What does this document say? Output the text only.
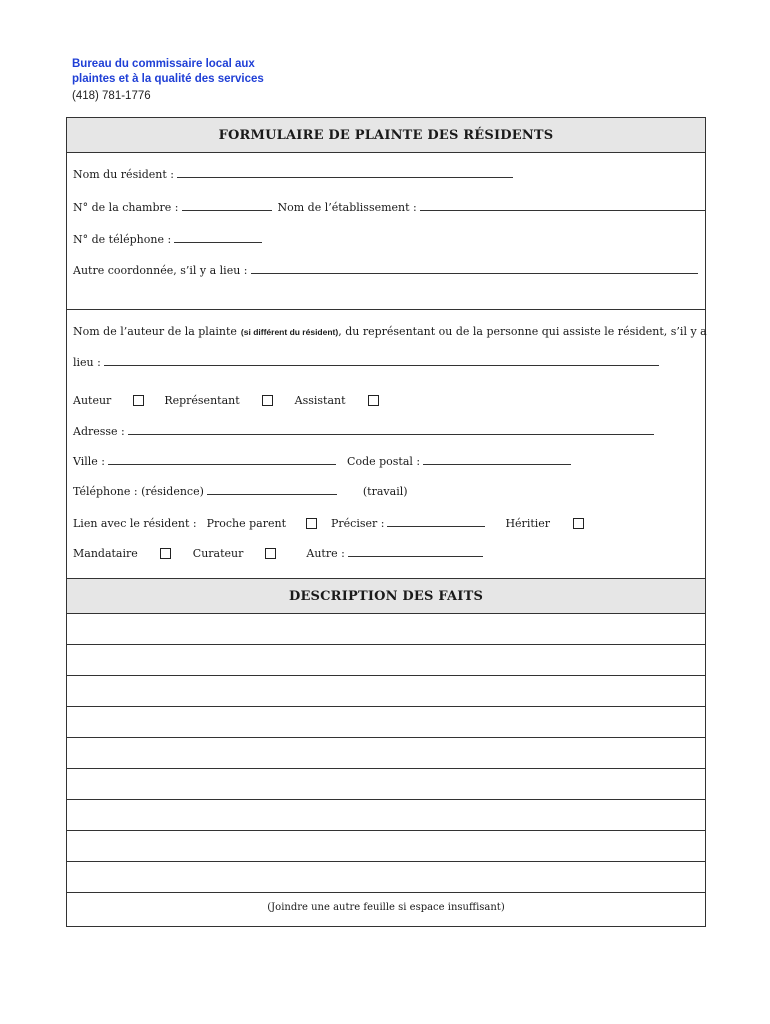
Bureau du commissaire local aux
plaintes et à la qualité des services
(418) 781-1776
FORMULAIRE DE PLAINTE DES RÉSIDENTS
Nom du résident :
N° de la chambre :	Nom de l’établissement :
N° de téléphone :
Autre coordonnée, s’il y a lieu :
Nom de l’auteur de la plainte (si différent du résident) , du représentant ou de la personne qui assiste le résident, s’il y a
lieu :
Auteur	Représentant	Assistant
Adresse :
Ville :	Code postal :
Téléphone : (résidence)	(travail)
Lien avec le résident : Proche parent	Préciser :	Héritier
Mandataire	Curateur	Autre :
DESCRIPTION DES FAITS
(Joindre une autre feuille si espace insuffisant)
